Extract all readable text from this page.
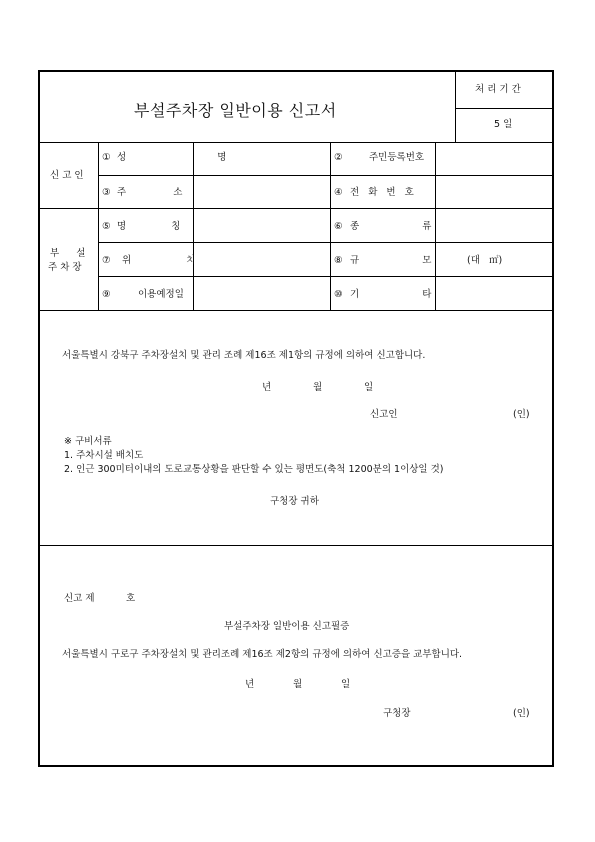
부설주차장 일반이용 신고서
처 리 기 간
5 일
신 고 인
① 성 명	②	주민등록번호
③ 주 소	④ 전 화 번 호
부 설
주 차 장
⑤ 명 칭	⑥ 종 류
⑦ 위 치	⑧ 규 모	(대   ㎡)
⑨	이용예정일	⑩ 기 타
서울특별시 강북구 주차장설치 및 관리 조례 제16조 제1항의 규정에 의하여 신고합니다.
년	월	일
신고인	(인)
※ 구비서류
1. 주차시설 배치도
2. 인근 300미터이내의 도로교통상황을 판단할 수 있는 평면도(축척 1200분의 1이상일 것)
구청장 귀하
신고 제	호
부설주차장 일반이용 신고필증
서울특별시 구로구 주차장설치 및 관리조례 제16조 제2항의 규정에 의하여 신고증을 교부합니다.
년	월	일
구청장	(인)
